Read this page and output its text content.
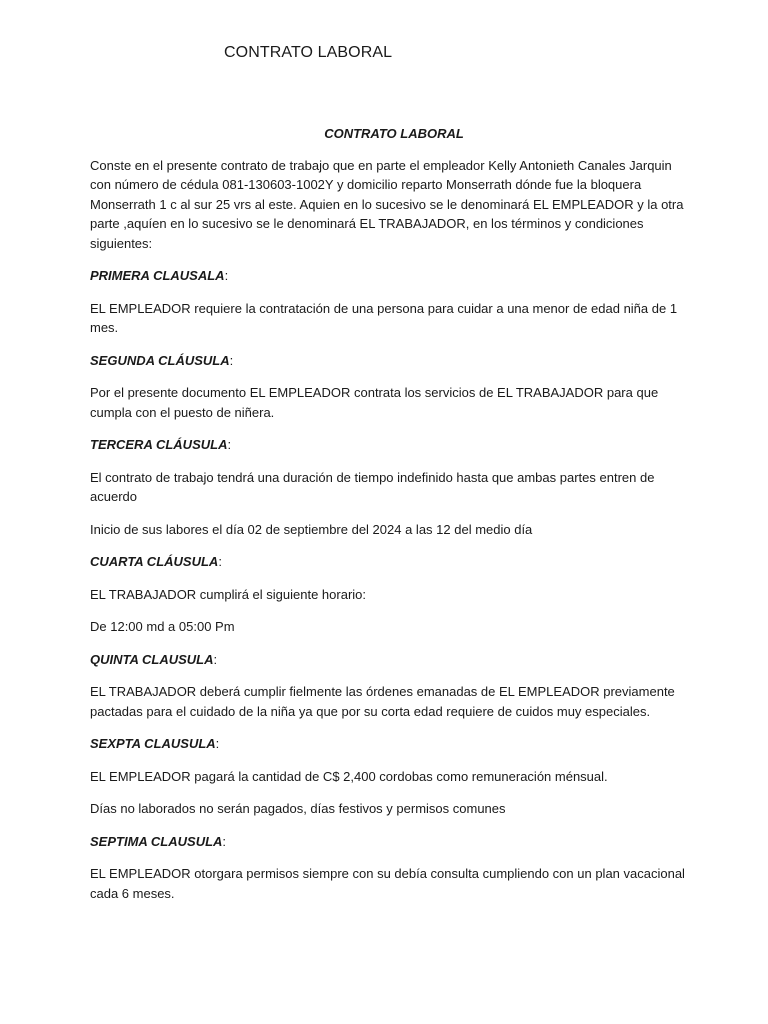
CONTRATO LABORAL

CONTRATO LABORAL

Conste en el presente contrato de trabajo que en parte el empleador Kelly Antonieth Canales Jarquin con número de cédula 081-130603-1002Y y domicilio reparto Monserrath dónde fue la bloquera Monserrath 1 c al sur 25 vrs al este. Aquien en lo sucesivo se le denominará EL EMPLEADOR y la otra parte ,aquíen en lo sucesivo se le denominará EL TRABAJADOR, en los términos y condiciones siguientes:

PRIMERA CLAUSALA:

EL EMPLEADOR requiere la contratación de una persona para cuidar a una menor de edad niña de 1 mes.

SEGUNDA CLÁUSULA:

Por el presente documento EL EMPLEADOR contrata los servicios de EL TRABAJADOR para que cumpla con el puesto de niñera.

TERCERA CLÁUSULA:

El contrato de trabajo tendrá una duración de tiempo indefinido hasta que ambas partes entren de acuerdo

Inicio de sus labores el día 02 de septiembre del 2024 a las 12 del medio día

CUARTA CLÁUSULA:

EL TRABAJADOR cumplirá el siguiente horario:

De 12:00 md a 05:00 Pm

QUINTA CLAUSULA:

EL TRABAJADOR deberá cumplir fielmente las órdenes emanadas de EL EMPLEADOR previamente pactadas para el cuidado de la niña ya que por su corta edad requiere de cuidos muy especiales.

SEXPTA CLAUSULA:

EL EMPLEADOR pagará la cantidad de C$ 2,400 cordobas como remuneración ménsual.

Días no laborados no serán pagados, días festivos y permisos comunes

SEPTIMA CLAUSULA:

EL EMPLEADOR otorgara permisos siempre con su debía consulta cumpliendo con un plan vacacional cada 6 meses.
